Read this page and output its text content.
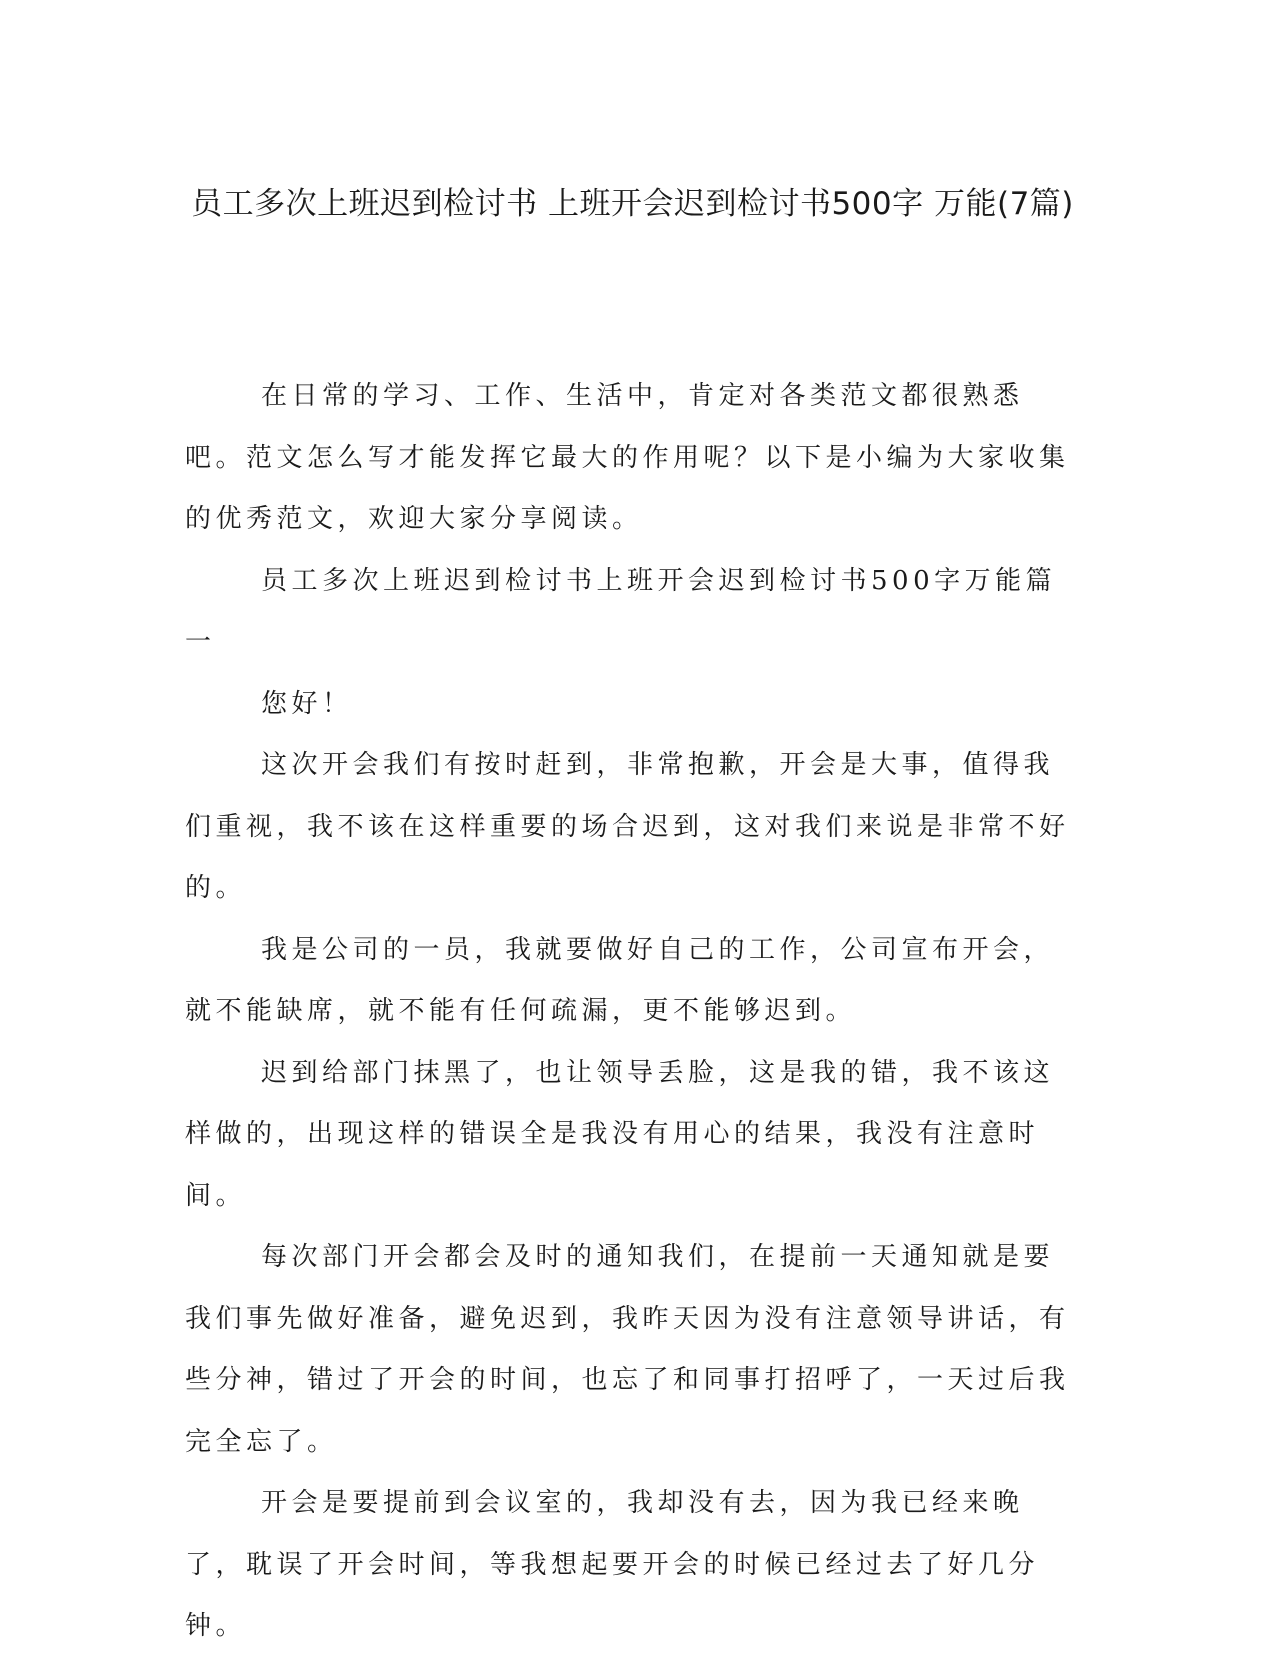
员工多次上班迟到检讨书 上班开会迟到检讨书500字 万能(7篇)

在日常的学习、工作、生活中，肯定对各类范文都很熟悉吧。范文怎么写才能发挥它最大的作用呢？以下是小编为大家收集的优秀范文，欢迎大家分享阅读。

员工多次上班迟到检讨书上班开会迟到检讨书500字万能篇一

您好！

这次开会我们有按时赶到，非常抱歉，开会是大事，值得我们重视，我不该在这样重要的场合迟到，这对我们来说是非常不好的。

我是公司的一员，我就要做好自己的工作，公司宣布开会，就不能缺席，就不能有任何疏漏，更不能够迟到。

迟到给部门抹黑了，也让领导丢脸，这是我的错，我不该这样做的，出现这样的错误全是我没有用心的结果，我没有注意时间。

每次部门开会都会及时的通知我们，在提前一天通知就是要我们事先做好准备，避免迟到，我昨天因为没有注意领导讲话，有些分神，错过了开会的时间，也忘了和同事打招呼了，一天过后我完全忘了。

开会是要提前到会议室的，我却没有去，因为我已经来晚了，耽误了开会时间，等我想起要开会的时候已经过去了好几分钟。
